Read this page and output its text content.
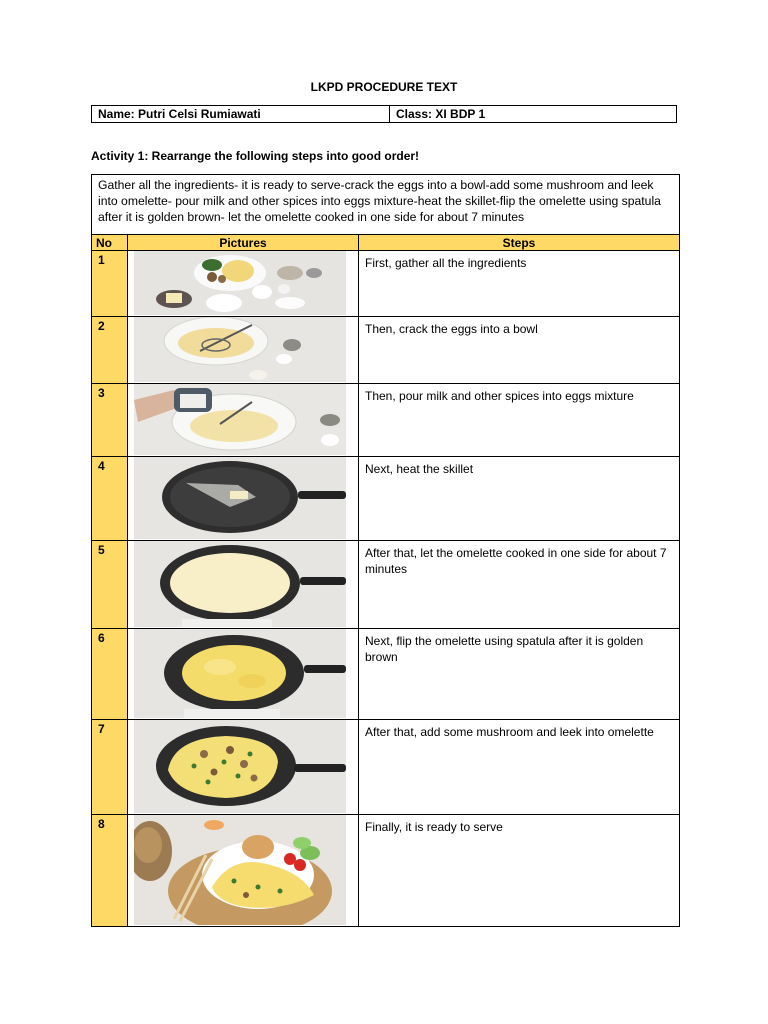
LKPD PROCEDURE TEXT
Name: Putri Celsi Rumiawati	Class: XI BDP 1
Activity 1: Rearrange the following steps into good order!
Gather all the ingredients- it is ready to serve-crack the eggs into a bowl-add some mushroom and leek into omelette- pour milk and other spices into eggs mixture-heat the skillet-flip the omelette using spatula after it is golden brown- let the omelette cooked in one side for about 7 minutes		
No	Pictures	Steps
1		First, gather all the ingredients
2		Then, crack the eggs into a bowl
3		Then, pour milk and other spices into eggs mixture
4		Next, heat the skillet
5		After that, let the omelette cooked in one side for about 7 minutes
6		Next, flip the omelette using spatula after it is golden brown
7		After that, add some mushroom and leek into omelette
8		Finally, it is ready to serve
